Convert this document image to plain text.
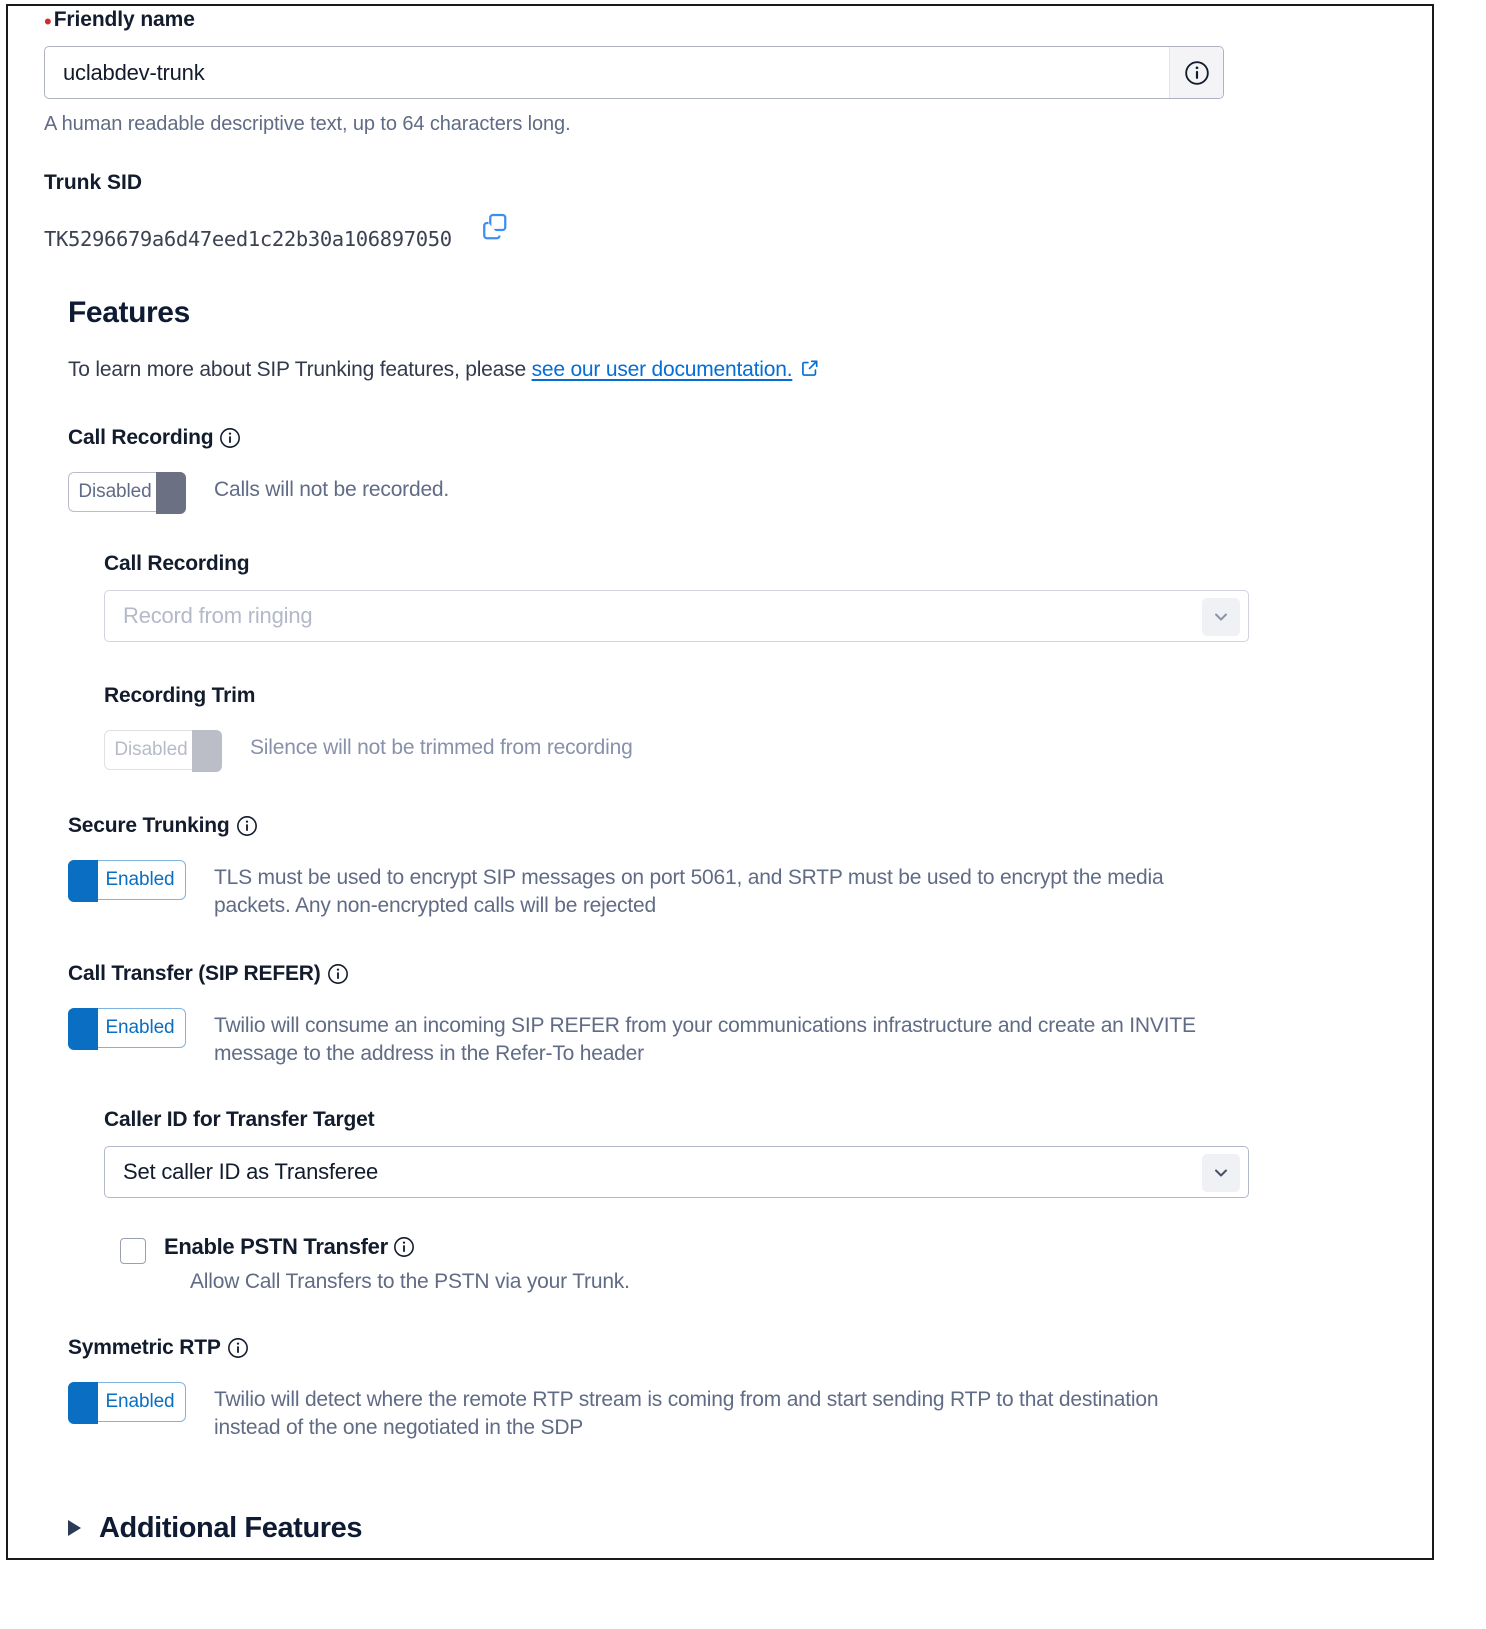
• Friendly name
uclabdev-trunk
A human readable descriptive text, up to 64 characters long.
Trunk SID
TK5296679a6d47eed1c22b30a106897050
Features
To learn more about SIP Trunking features, please see our user documentation.
Call Recording
Disabled	Calls will not be recorded.
Call Recording
Record from ringing
Recording Trim
Disabled	Silence will not be trimmed from recording
Secure Trunking
Enabled	TLS must be used to encrypt SIP messages on port 5061, and SRTP must be used to encrypt the media packets. Any non-encrypted calls will be rejected
Call Transfer (SIP REFER)
Enabled	Twilio will consume an incoming SIP REFER from your communications infrastructure and create an INVITE message to the address in the Refer-To header
Caller ID for Transfer Target
Set caller ID as Transferee
Enable PSTN Transfer
Allow Call Transfers to the PSTN via your Trunk.
Symmetric RTP
Enabled	Twilio will detect where the remote RTP stream is coming from and start sending RTP to that destination instead of the one negotiated in the SDP
Additional Features
